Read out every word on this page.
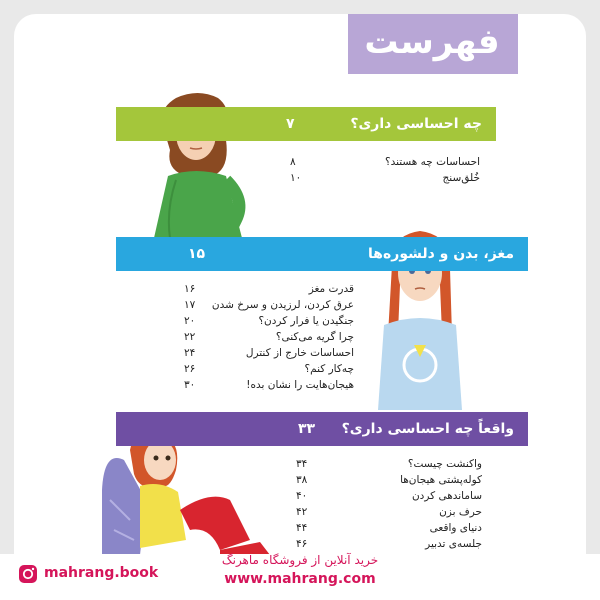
فهرست
چه احساسی داری؟
۷
احساسات چه هستند؟
۸
خُلق‌سنج
۱۰
مغز، بدن و دلشوره‌ها
۱۵
قدرت مغز
۱۶
عرق کردن، لرزیدن و سرخ شدن
۱۷
جنگیدن یا فرار کردن؟
۲۰
چرا گریه می‌کنی؟
۲۲
احساسات خارج از کنترل
۲۴
چه‌کار کنم؟
۲۶
هیجان‌هایت را نشان بده!
۳۰
واقعاً چه احساسی داری؟
۳۳
واکنشت چیست؟
۳۴
کوله‌پشتی هیجان‌ها
۳۸
ساماندهی کردن
۴۰
حرف بزن
۴۲
دنیای واقعی
۴۴
جلسه‌ی تدبیر
۴۶
mahrang.book
خرید آنلاین از فروشگاه ماهرنگ
www.mahrang.com
